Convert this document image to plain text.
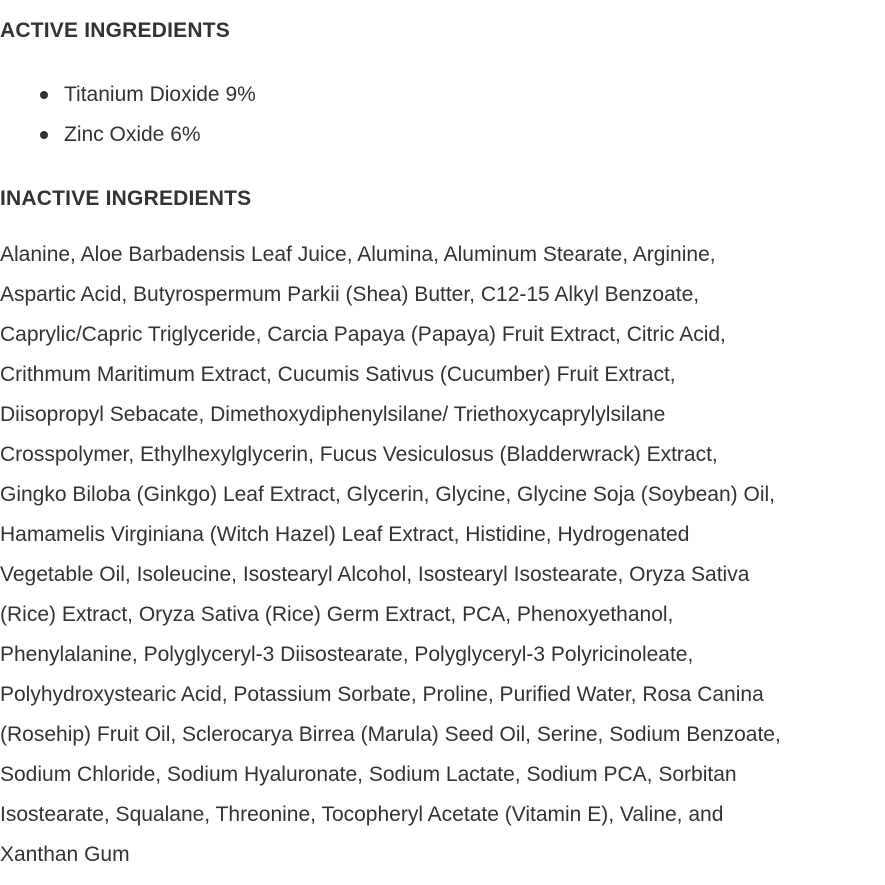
ACTIVE INGREDIENTS
Titanium Dioxide 9%
Zinc Oxide 6%
INACTIVE INGREDIENTS

Alanine, Aloe Barbadensis Leaf Juice, Alumina, Aluminum Stearate, Arginine,
Aspartic Acid, Butyrospermum Parkii (Shea) Butter, C12-15 Alkyl Benzoate,
Caprylic/Capric Triglyceride, Carcia Papaya (Papaya) Fruit Extract, Citric Acid,
Crithmum Maritimum Extract, Cucumis Sativus (Cucumber) Fruit Extract,
Diisopropyl Sebacate, Dimethoxydiphenylsilane/ Triethoxycaprylylsilane
Crosspolymer, Ethylhexylglycerin, Fucus Vesiculosus (Bladderwrack) Extract,
Gingko Biloba (Ginkgo) Leaf Extract, Glycerin, Glycine, Glycine Soja (Soybean) Oil,
Hamamelis Virginiana (Witch Hazel) Leaf Extract, Histidine, Hydrogenated
Vegetable Oil, Isoleucine, Isostearyl Alcohol, Isostearyl Isostearate, Oryza Sativa
(Rice) Extract, Oryza Sativa (Rice) Germ Extract, PCA, Phenoxyethanol,
Phenylalanine, Polyglyceryl-3 Diisostearate, Polyglyceryl-3 Polyricinoleate,
Polyhydroxystearic Acid, Potassium Sorbate, Proline, Purified Water, Rosa Canina
(Rosehip) Fruit Oil, Sclerocarya Birrea (Marula) Seed Oil, Serine, Sodium Benzoate,
Sodium Chloride, Sodium Hyaluronate, Sodium Lactate, Sodium PCA, Sorbitan
Isostearate, Squalane, Threonine, Tocopheryl Acetate (Vitamin E), Valine, and
Xanthan Gum
